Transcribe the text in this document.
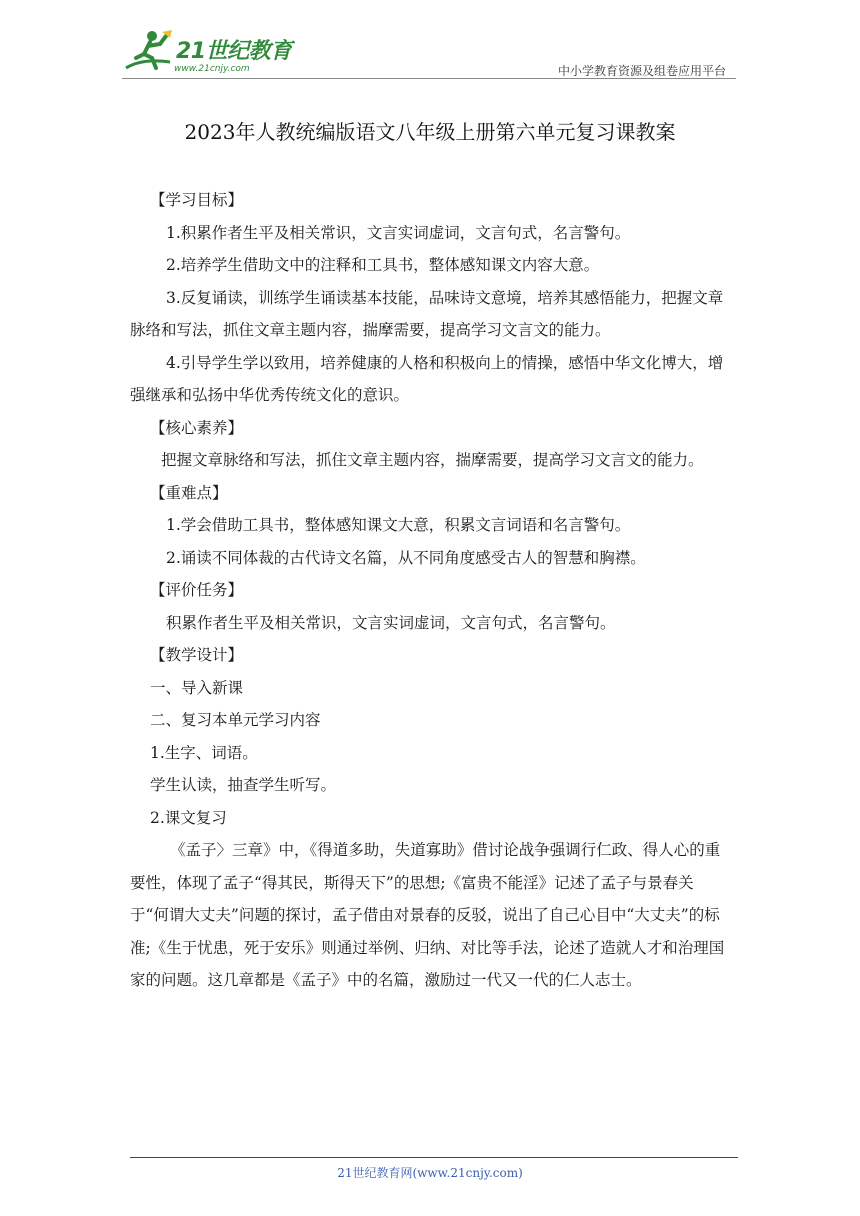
21世纪教育
www.21cnjy.com	中小学教育资源及组卷应用平台
2023年人教统编版语文八年级上册第六单元复习课教案

【学习目标】

1.积累作者生平及相关常识，文言实词虚词，文言句式，名言警句。

2.培养学生借助文中的注释和工具书，整体感知课文内容大意。

3.反复诵读，训练学生诵读基本技能，品味诗文意境，培养其感悟能力，把握文章脉络和写法，抓住文章主题内容，揣摩需要，提高学习文言文的能力。

4.引导学生学以致用，培养健康的人格和积极向上的情操，感悟中华文化博大，增强继承和弘扬中华优秀传统文化的意识。

【核心素养】

把握文章脉络和写法，抓住文章主题内容，揣摩需要，提高学习文言文的能力。

【重难点】

1.学会借助工具书，整体感知课文大意，积累文言词语和名言警句。

2.诵读不同体裁的古代诗文名篇，从不同角度感受古人的智慧和胸襟。

【评价任务】

积累作者生平及相关常识，文言实词虚词，文言句式，名言警句。

【教学设计】

一、导入新课

二、复习本单元学习内容

1.生字、词语。

学生认读，抽查学生听写。

2.课文复习

《孟子〉三章》中，《得道多助，失道寡助》借讨论战争强调行仁政、得人心的重要性，体现了孟子“得其民，斯得天下”的思想;《富贵不能淫》记述了孟子与景春关于“何谓大丈夫”问题的探讨，孟子借由对景春的反驳，说出了自己心目中“大丈夫”的标准;《生于忧患，死于安乐》则通过举例、归纳、对比等手法，论述了造就人才和治理国家的问题。这几章都是《孟子》中的名篇，激励过一代又一代的仁人志士。

21世纪教育网(www.21cnjy.com)
